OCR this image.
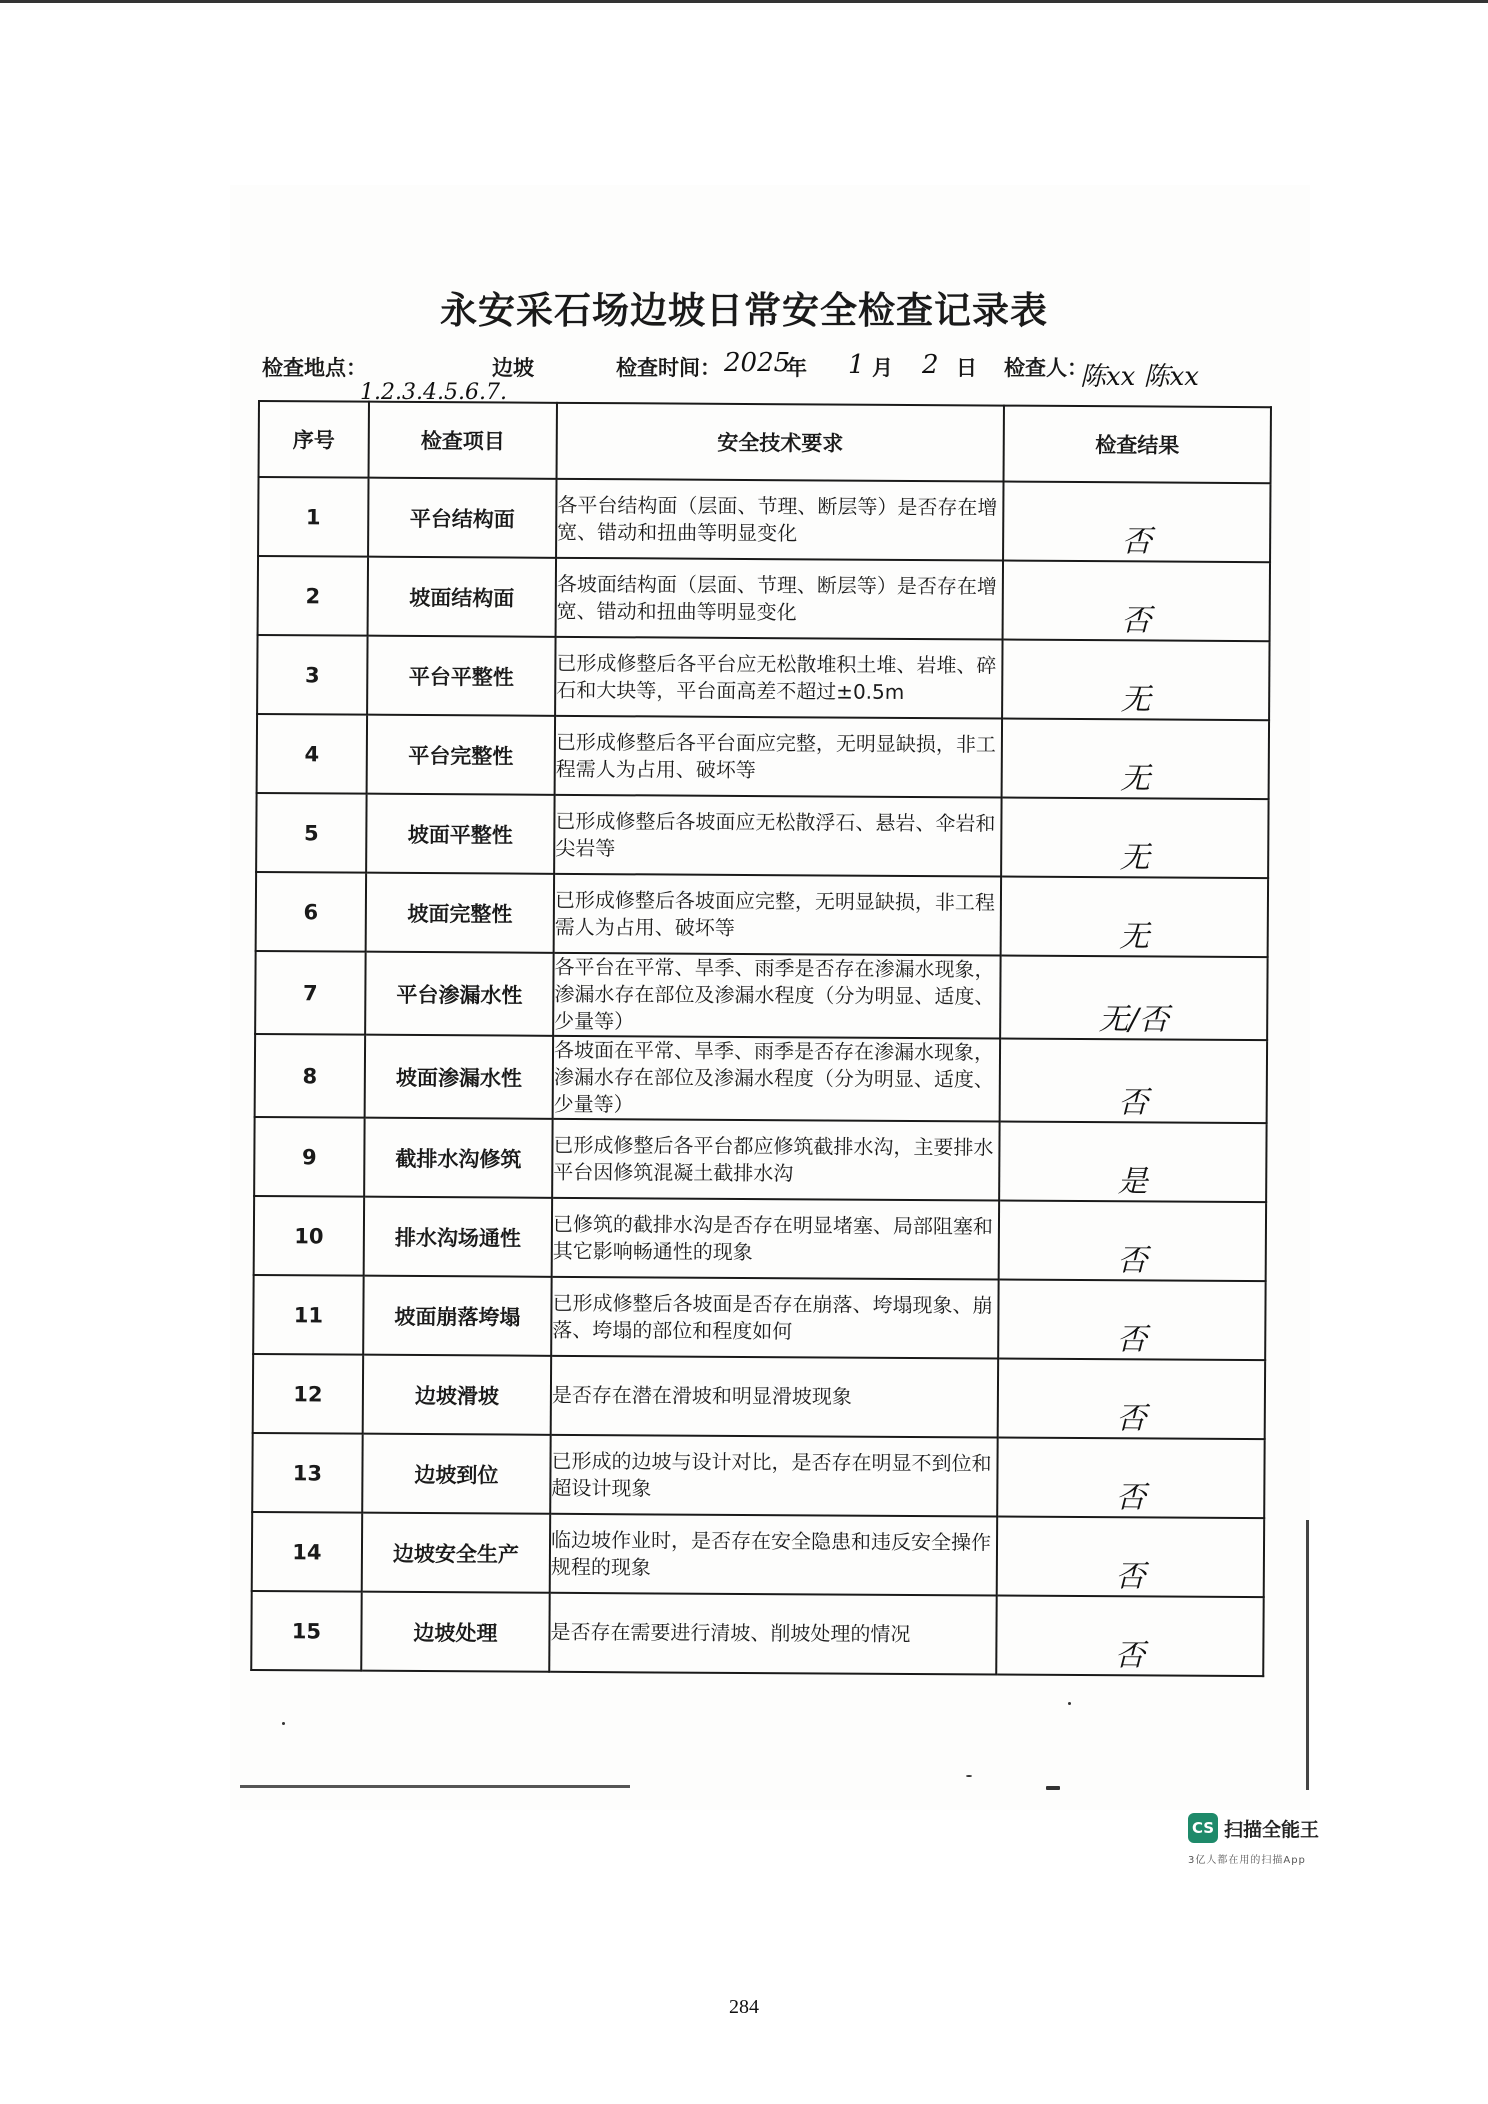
永安采石场边坡日常安全检查记录表
检查地点：
1.2.3.4.5.6.7.
边坡	检查时间： 2025
年 1 月 2 日 检查人：
陈xx 陈xx
序号	检查项目	安全技术要求	检查结果
1	平台结构面	各平台结构面（层面、节理、断层等）是否存在增宽、错动和扭曲等明显变化	否
2	坡面结构面	各坡面结构面（层面、节理、断层等）是否存在增宽、错动和扭曲等明显变化	否
3	平台平整性	已形成修整后各平台应无松散堆积土堆、岩堆、碎石和大块等，平台面高差不超过±0.5m	无
4	平台完整性	已形成修整后各平台面应完整，无明显缺损，非工程需人为占用、破坏等	无
5	坡面平整性	已形成修整后各坡面应无松散浮石、悬岩、伞岩和尖岩等	无
6	坡面完整性	已形成修整后各坡面应完整，无明显缺损，非工程需人为占用、破坏等	无
7	平台渗漏水性	各平台在平常、旱季、雨季是否存在渗漏水现象，渗漏水存在部位及渗漏水程度（分为明显、适度、少量等）	无/否
8	坡面渗漏水性	各坡面在平常、旱季、雨季是否存在渗漏水现象，渗漏水存在部位及渗漏水程度（分为明显、适度、少量等）	否
9	截排水沟修筑	已形成修整后各平台都应修筑截排水沟，主要排水平台因修筑混凝土截排水沟	是
10	排水沟场通性	已修筑的截排水沟是否存在明显堵塞、局部阻塞和其它影响畅通性的现象	否
11	坡面崩落垮塌	已形成修整后各坡面是否存在崩落、垮塌现象、崩落、垮塌的部位和程度如何	否
12	边坡滑坡	是否存在潜在滑坡和明显滑坡现象	否
13	边坡到位	已形成的边坡与设计对比，是否存在明显不到位和超设计现象	否
14	边坡安全生产	临边坡作业时，是否存在安全隐患和违反安全操作规程的现象	否
15	边坡处理	是否存在需要进行清坡、削坡处理的情况	否
CS 扫描全能王
3亿人都在用的扫描App
284
